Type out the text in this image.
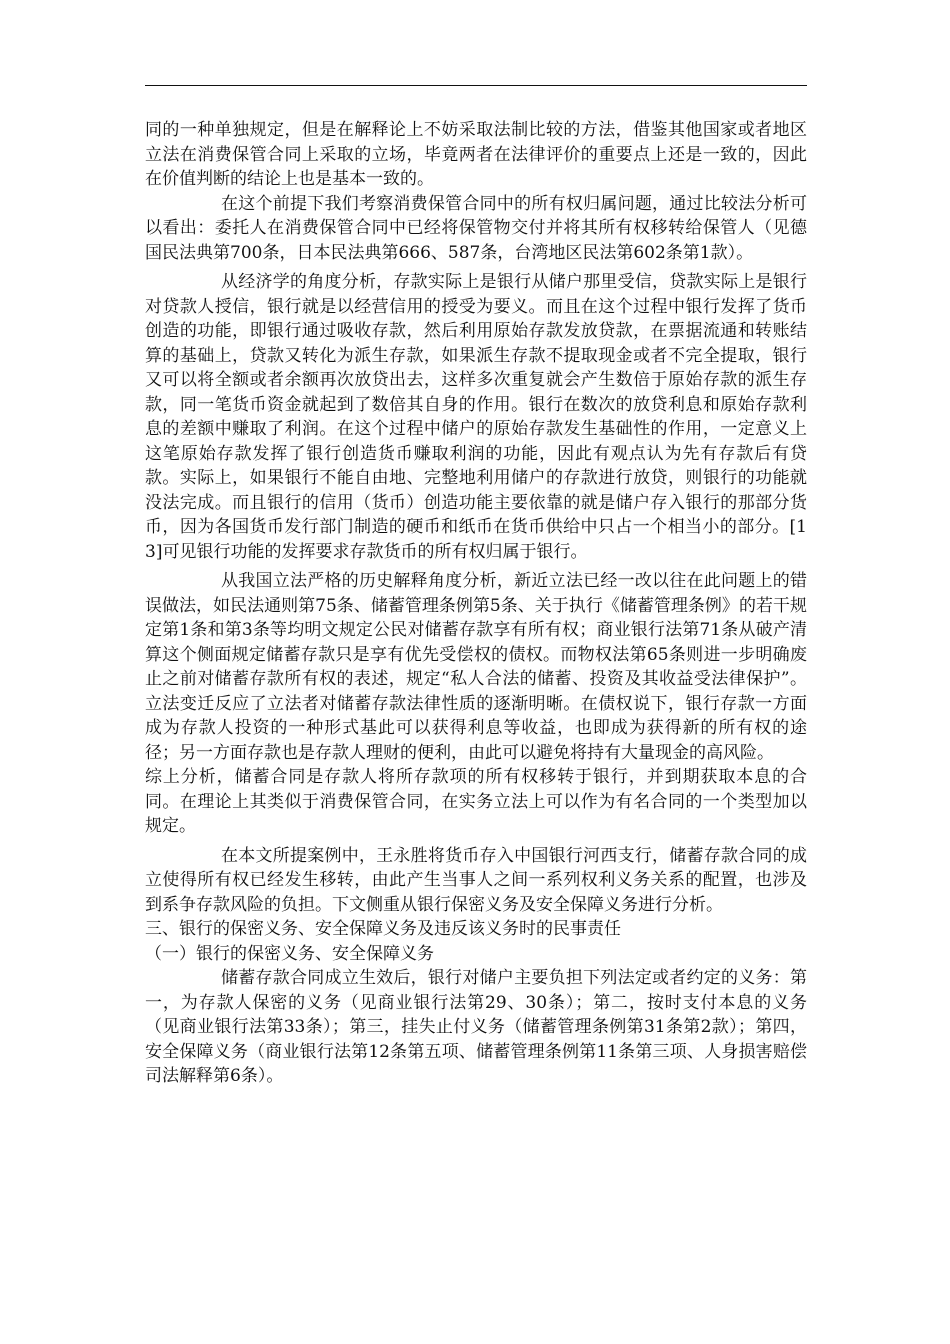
同的一种单独规定，但是在解释论上不妨采取法制比较的方法，借鉴其他国家或者地区立法在消费保管合同上采取的立场，毕竟两者在法律评价的重要点上还是一致的，因此在价值判断的结论上也是基本一致的。

在这个前提下我们考察消费保管合同中的所有权归属问题，通过比较法分析可以看出：委托人在消费保管合同中已经将保管物交付并将其所有权移转给保管人（见德国民法典第700条，日本民法典第666、587条，台湾地区民法第602条第1款）。

从经济学的角度分析，存款实际上是银行从储户那里受信，贷款实际上是银行对贷款人授信，银行就是以经营信用的授受为要义。而且在这个过程中银行发挥了货币创造的功能，即银行通过吸收存款，然后利用原始存款发放贷款，在票据流通和转账结算的基础上，贷款又转化为派生存款，如果派生存款不提取现金或者不完全提取，银行又可以将全额或者余额再次放贷出去，这样多次重复就会产生数倍于原始存款的派生存款，同一笔货币资金就起到了数倍其自身的作用。银行在数次的放贷利息和原始存款利息的差额中赚取了利润。在这个过程中储户的原始存款发生基础性的作用，一定意义上这笔原始存款发挥了银行创造货币赚取利润的功能，因此有观点认为先有存款后有贷款。实际上，如果银行不能自由地、完整地利用储户的存款进行放贷，则银行的功能就没法完成。而且银行的信用（货币）创造功能主要依靠的就是储户存入银行的那部分货币，因为各国货币发行部门制造的硬币和纸币在货币供给中只占一个相当小的部分。[13]可见银行功能的发挥要求存款货币的所有权归属于银行。

从我国立法严格的历史解释角度分析，新近立法已经一改以往在此问题上的错误做法，如民法通则第75条、储蓄管理条例第5条、关于执行《储蓄管理条例》的若干规定第1条和第3条等均明文规定公民对储蓄存款享有所有权；商业银行法第71条从破产清算这个侧面规定储蓄存款只是享有优先受偿权的债权。而物权法第65条则进一步明确废止之前对储蓄存款所有权的表述，规定“私人合法的储蓄、投资及其收益受法律保护”。立法变迁反应了立法者对储蓄存款法律性质的逐渐明晰。在债权说下，银行存款一方面成为存款人投资的一种形式基此可以获得利息等收益，也即成为获得新的所有权的途径；另一方面存款也是存款人理财的便利，由此可以避免将持有大量现金的高风险。

综上分析，储蓄合同是存款人将所存款项的所有权移转于银行，并到期获取本息的合同。在理论上其类似于消费保管合同，在实务立法上可以作为有名合同的一个类型加以规定。

在本文所提案例中，王永胜将货币存入中国银行河西支行，储蓄存款合同的成立使得所有权已经发生移转，由此产生当事人之间一系列权利义务关系的配置，也涉及到系争存款风险的负担。下文侧重从银行保密义务及安全保障义务进行分析。

三、银行的保密义务、安全保障义务及违反该义务时的民事责任

（一）银行的保密义务、安全保障义务

储蓄存款合同成立生效后，银行对储户主要负担下列法定或者约定的义务：第一，为存款人保密的义务（见商业银行法第29、30条）；第二，按时支付本息的义务（见商业银行法第33条）；第三，挂失止付义务（储蓄管理条例第31条第2款）；第四，安全保障义务（商业银行法第12条第五项、储蓄管理条例第11条第三项、人身损害赔偿司法解释第6条）。
